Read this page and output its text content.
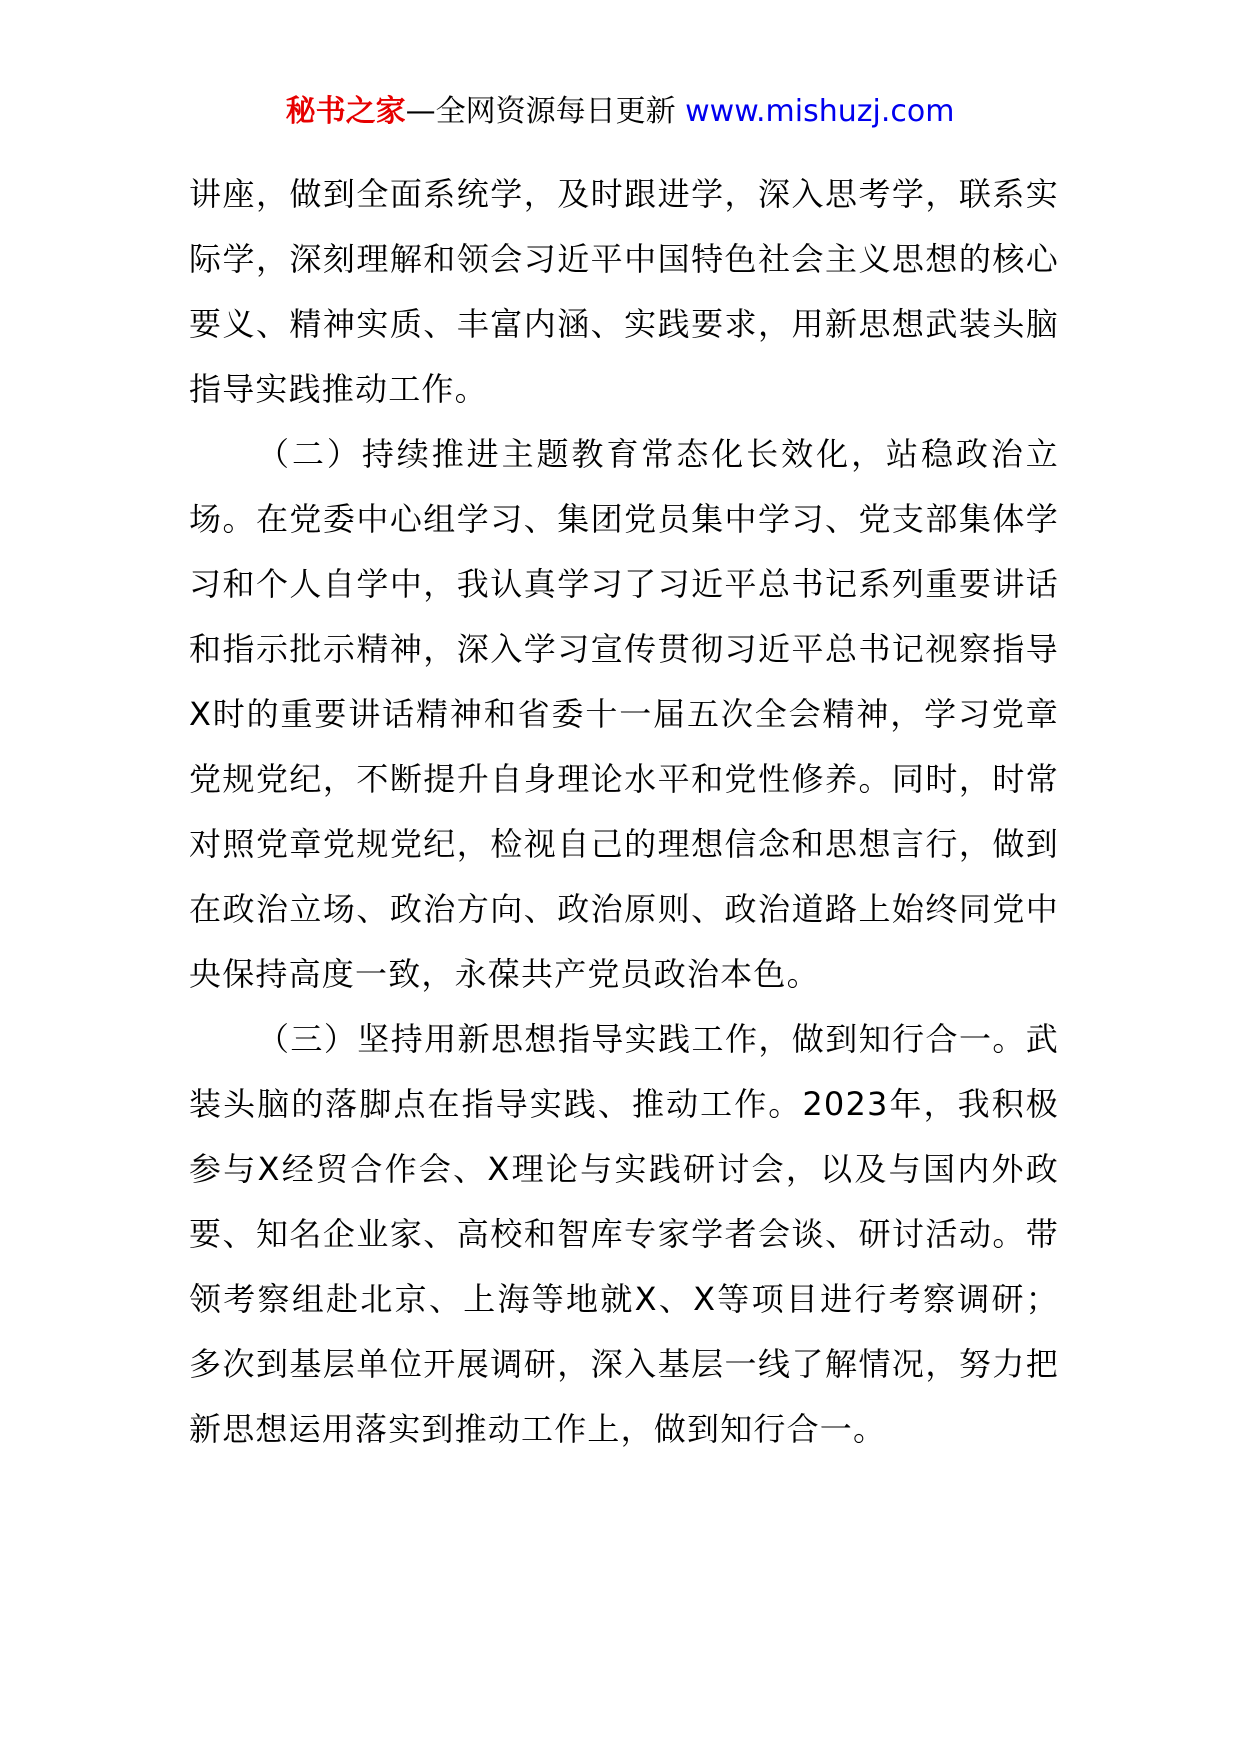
秘书之家—全网资源每日更新 www.mishuzj.com

讲座，做到全面系统学，及时跟进学，深入思考学，联系实际学，深刻理解和领会习近平中国特色社会主义思想的核心要义、精神实质、丰富内涵、实践要求，用新思想武装头脑指导实践推动工作。

（二）持续推进主题教育常态化长效化，站稳政治立场。在党委中心组学习、集团党员集中学习、党支部集体学习和个人自学中，我认真学习了习近平总书记系列重要讲话和指示批示精神，深入学习宣传贯彻习近平总书记视察指导X时的重要讲话精神和省委十一届五次全会精神，学习党章党规党纪，不断提升自身理论水平和党性修养。同时，时常对照党章党规党纪，检视自己的理想信念和思想言行，做到在政治立场、政治方向、政治原则、政治道路上始终同党中央保持高度一致，永葆共产党员政治本色。

（三）坚持用新思想指导实践工作，做到知行合一。武装头脑的落脚点在指导实践、推动工作。2023年，我积极参与X经贸合作会、X理论与实践研讨会，以及与国内外政要、知名企业家、高校和智库专家学者会谈、研讨活动。带领考察组赴北京、上海等地就X、X等项目进行考察调研；多次到基层单位开展调研，深入基层一线了解情况，努力把新思想运用落实到推动工作上，做到知行合一。
